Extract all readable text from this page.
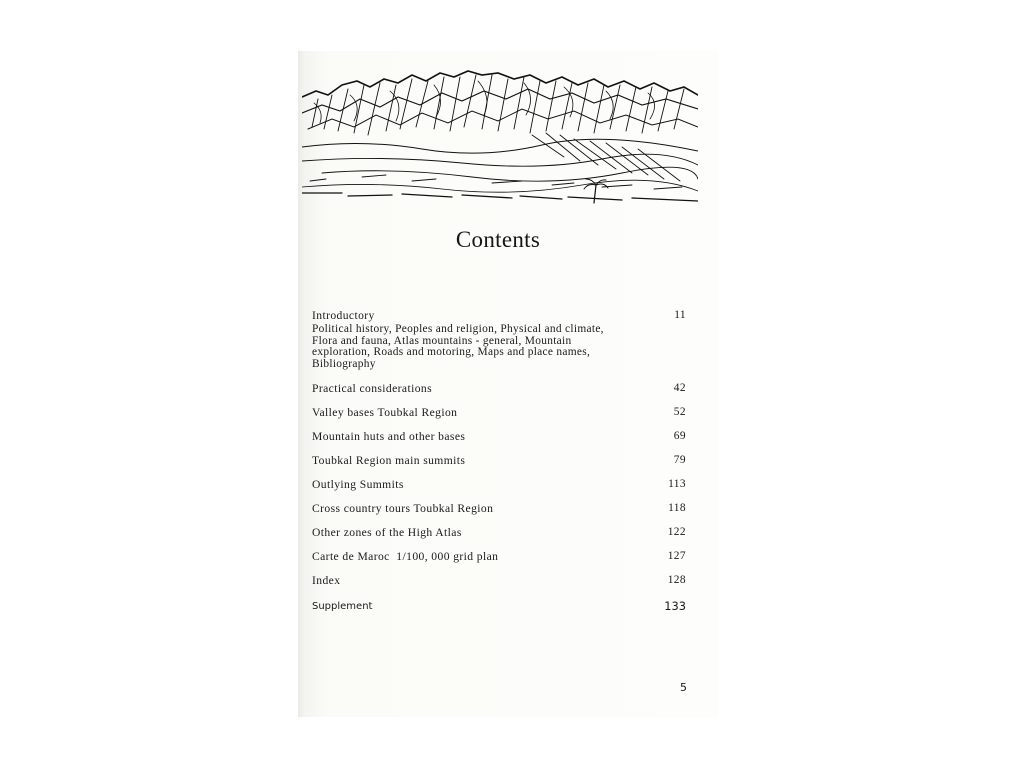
Contents
Introductory	11
Political history, Peoples and religion, Physical and climate, Flora and fauna, Atlas mountains - general, Mountain exploration, Roads and motoring, Maps and place names, Bibliography
Practical considerations	42
Valley bases Toubkal Region	52
Mountain huts and other bases	69
Toubkal Region main summits	79
Outlying Summits	113
Cross country tours Toubkal Region	118
Other zones of the High Atlas	122
Carte de Maroc  1/100, 000 grid plan	127
Index	128
Supplement	133
5
